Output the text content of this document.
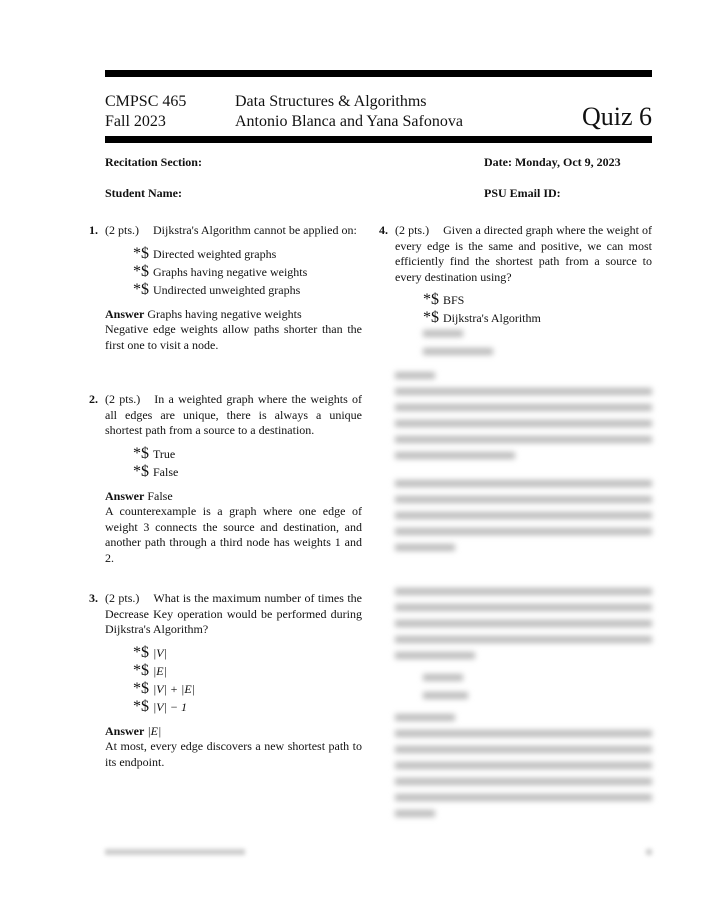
CMPSC 465
Fall 2023
Data Structures & Algorithms
Antonio Blanca and Yana Safonova	Quiz 6
Recitation Section:
Student Name:
Date: Monday, Oct 9, 2023
PSU Email ID:
1. (2 pts.) Dijkstra's Algorithm cannot be applied on:
*$ Directed weighted graphs
*$ Graphs having negative weights
*$ Undirected unweighted graphs
Answer Graphs having negative weights
Negative edge weights allow paths shorter than the first one to visit a node.
2. (2 pts.) In a weighted graph where the weights of all edges are unique, there is always a unique shortest path from a source to a destination.
*$ True
*$ False
Answer False
A counterexample is a graph where one edge of weight 3 connects the source and destination, and another path through a third node has weights 1 and 2.
3. (2 pts.) What is the maximum number of times the Decrease Key operation would be performed during Dijkstra's Algorithm?
*$ |V|
*$ |E|
*$ |V| + |E|
*$ |V| − 1
Answer |E|
At most, every edge discovers a new shortest path to its endpoint.
4. (2 pts.) Given a directed graph where the weight of every edge is the same and positive, we can most efficiently find the shortest path from a source to every destination using?
*$ BFS
*$ Dijkstra's Algorithm
